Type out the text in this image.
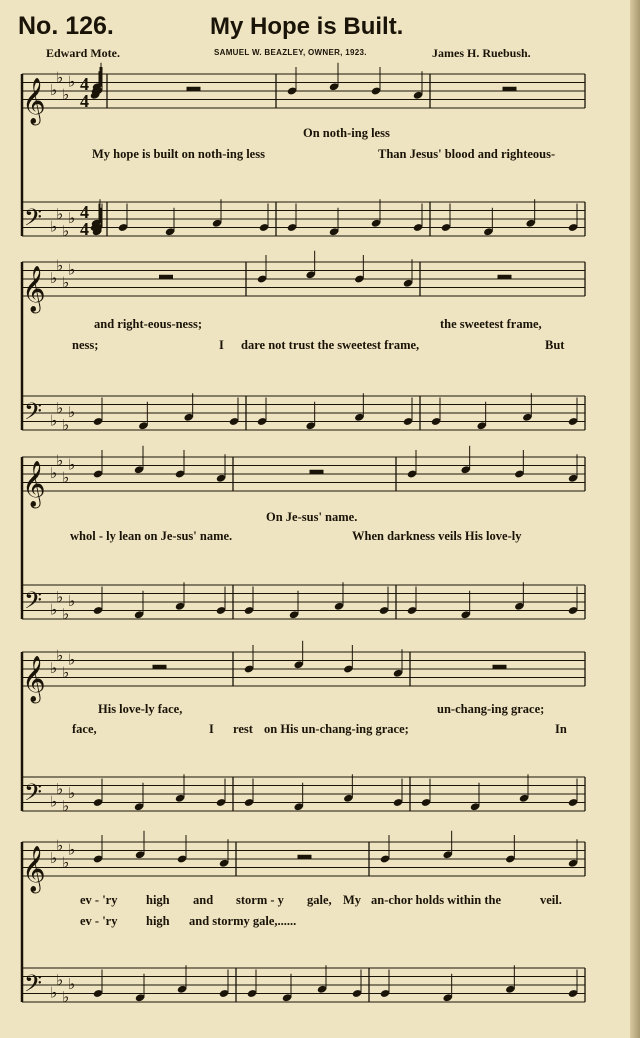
No. 126.	My Hope is Built.
Edward Mote.	SAMUEL W. BEAZLEY, OWNER, 1923.	James H. Ruebush.
𝄞
𝄢
♭
♭
♭
♭
♭
♭
♭
♭
𝄞
𝄢
♭
♭
♭
♭
♭
♭
♭
♭
𝄞
𝄢
♭
♭
♭
♭
♭
♭
♭
♭
𝄞
𝄢
♭
♭
♭
♭
♭
♭
♭
♭
𝄞
𝄢
♭
♭
♭
♭
♭
♭
♭
♭
4
4
4
4
On noth-ing less
My hope is built on noth-ing less	Than Jesus' blood and righteous-
and right-eous-ness;	the sweetest frame,
ness;	I dare not trust the sweetest frame,	But
On Je-sus' name.
whol - ly lean on Je-sus' name.	When darkness veils His love-ly
His love-ly face,	un-chang-ing grace;
face,	I rest on His un-chang-ing grace;	In
ev - 'ry high and storm - y gale, My an-chor holds within the	veil.
ev - 'ry high and stormy gale,......
